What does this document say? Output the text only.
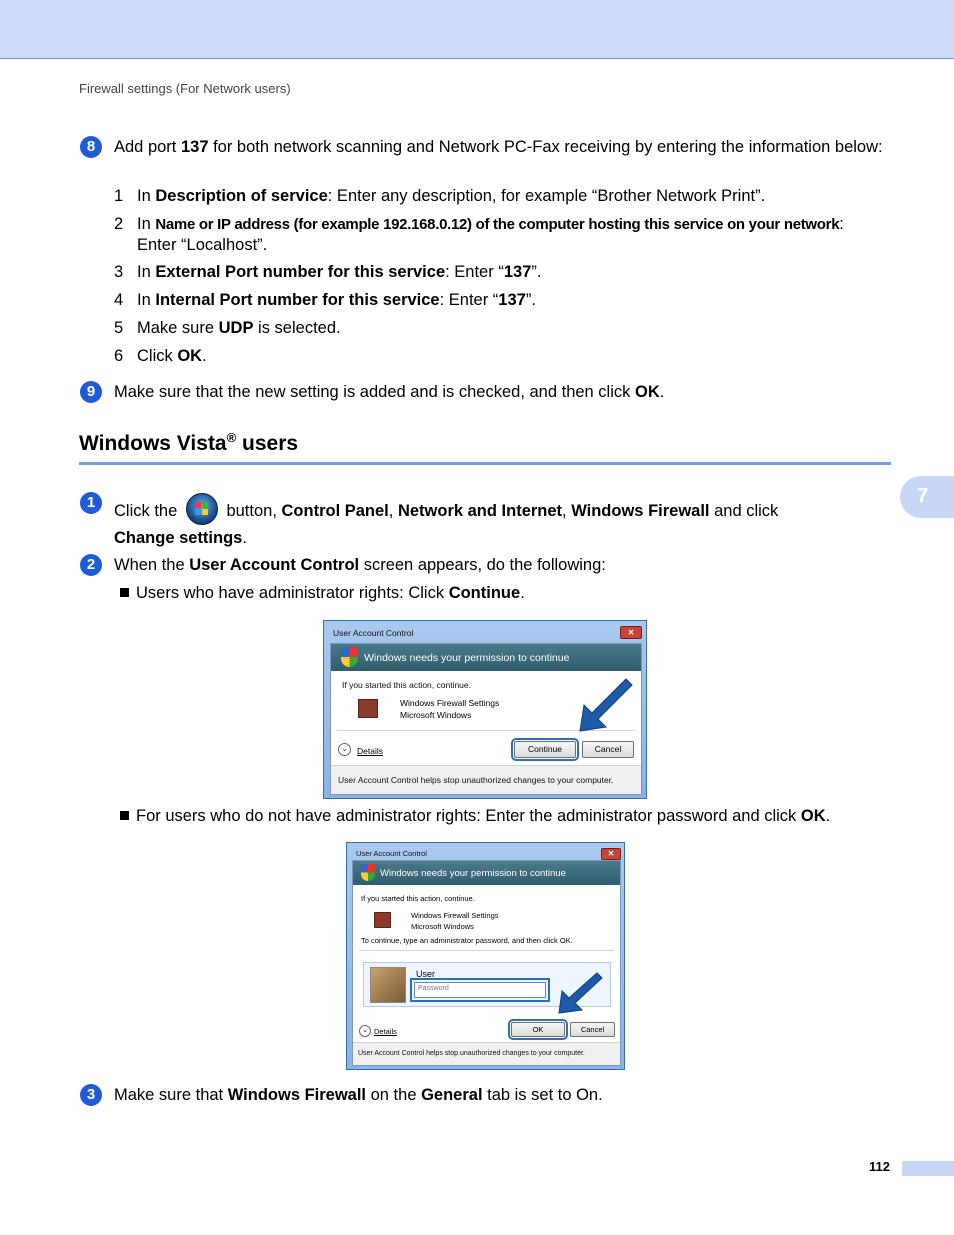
Firewall settings (For Network users)
8	Add port 137 for both network scanning and Network PC-Fax receiving by entering the information below:
1 In Description of service: Enter any description, for example “Brother Network Print”.
2 In Name or IP address (for example 192.168.0.12) of the computer hosting this service on your network:
Enter “Localhost”.
3 In External Port number for this service: Enter “137”.
4 In Internal Port number for this service: Enter “137”.
5 Make sure UDP is selected.
6 Click OK.
9	Make sure that the new setting is added and is checked, and then click OK.
Windows Vista® users
7
1	Click the
button, Control Panel, Network and Internet, Windows Firewall and click
Change settings.
2	When the User Account Control screen appears, do the following:
Users who have administrator rights: Click Continue.
User Account Control	✕
Windows needs your permission to continue
If you started this action, continue.
Windows Firewall Settings
Microsoft Windows
⌄	Details	Continue	Cancel
User Account Control helps stop unauthorized changes to your computer.
For users who do not have administrator rights: Enter the administrator password and click OK.
User Account Control	✕
Windows needs your permission to continue
If you started this action, continue.
Windows Firewall Settings
Microsoft Windows
To continue, type an administrator password, and then click OK.
User
Password
⌄ Details	OK	Cancel
User Account Control helps stop unauthorized changes to your computer.
3	Make sure that Windows Firewall on the General tab is set to On.
112
